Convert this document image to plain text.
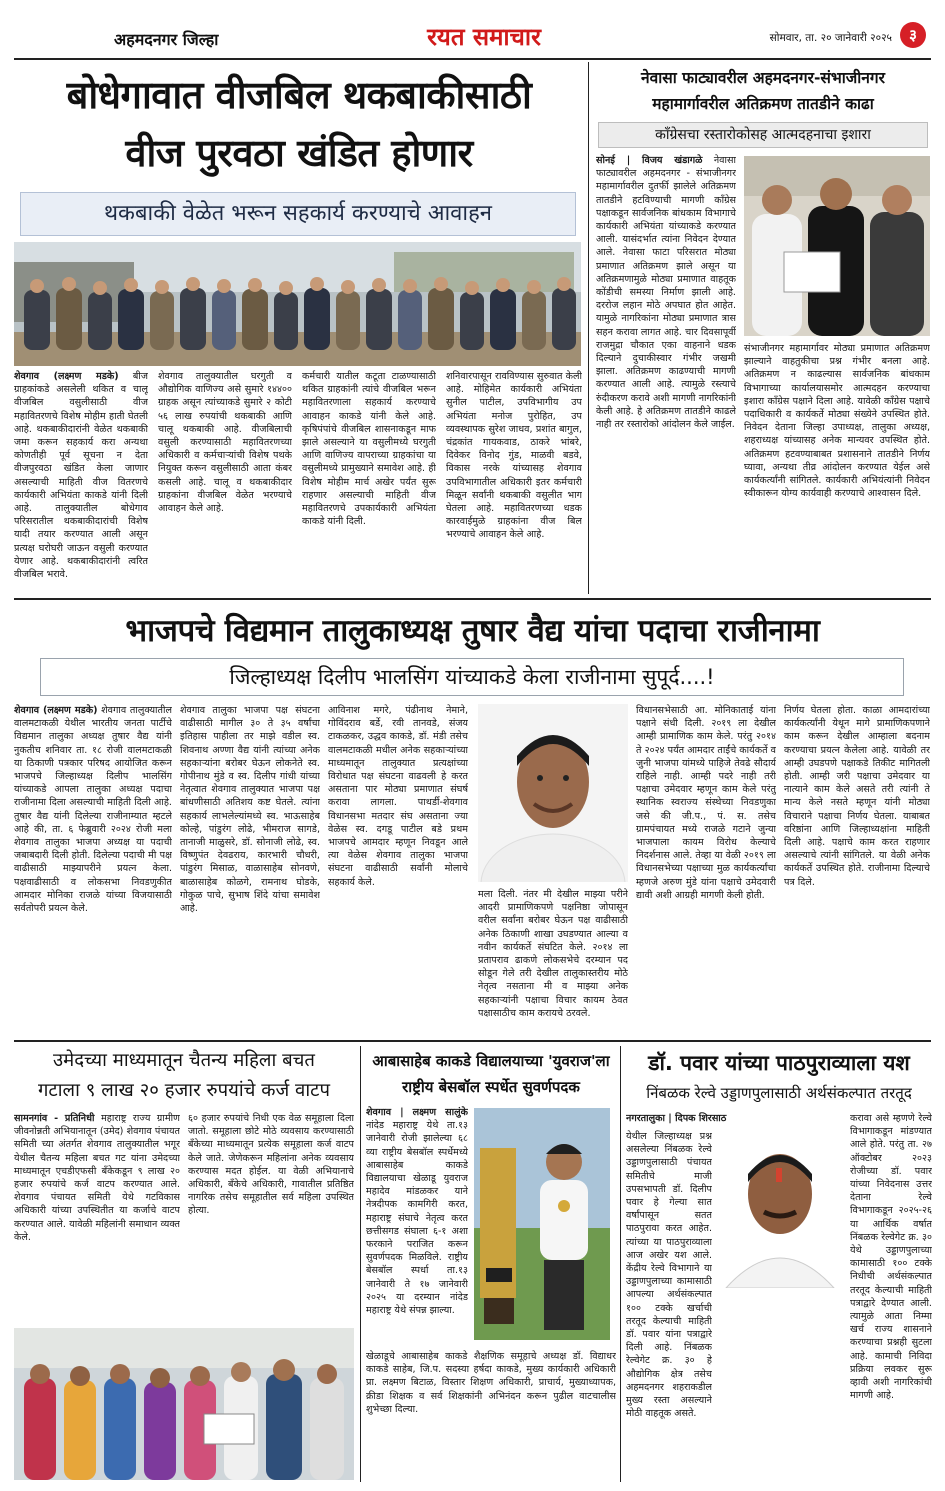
अहमदनगर जिल्हा	रयत समाचार	सोमवार, ता. २० जानेवारी २०२५	३
बोधेगावात वीजबिल थकबाकीसाठी
वीज पुरवठा खंडित होणार
थकबाकी वेळेत भरून सहकार्य करण्याचे आवाहन
शेवगाव (लक्ष्मण मडके) बीज ग्राहकांकडे असलेली थकित व चालू वीजबिल वसुलीसाठी वीज महावितरणचे विशेष मोहीम हाती घेतली आहे. थकबाकीदारांनी वेळेत थकबाकी जमा करून सहकार्य करा अन्यथा कोणतीही पूर्व सूचना न देता वीजपुरवठा खंडित केला जाणार असल्याची माहिती वीज वितरणचे कार्यकारी अभियंता काकडे यांनी दिली आहे. तालुक्यातील बोधेगाव परिसरातील थकबाकीदारांची विशेष यादी तयार करण्यात आली असून प्रत्यक्ष घरोघरी जाऊन वसुली करण्यात येणार आहे. थकबाकीदारांनी त्वरित वीजबिल भरावे.
शेवगाव तालुक्यातील घरगुती व औद्योगिक वाणिज्य असे सुमारे १४४०० ग्राहक असून त्यांच्याकडे सुमारे २ कोटी ५६ लाख रुपयांची थकबाकी आणि चालू थकबाकी आहे. वीजबिलाची वसुली करण्यासाठी महावितरणच्या अधिकारी व कर्मचाऱ्यांची विशेष पथके नियुक्त करून वसुलीसाठी आता कंबर कसली आहे. चालू व थकबाकीदार ग्राहकांना वीजबिल वेळेत भरण्याचे आवाहन केले आहे.
कर्मचारी यातील कटूता टाळण्यासाठी थकित ग्राहकांनी त्यांचे वीजबिल भरून महावितरणाला सहकार्य करण्याचे आवाहन काकडे यांनी केले आहे. कृषिपंपांचे वीजबिल शासनाकडून माफ झाले असल्याने या वसुलीमध्ये घरगुती आणि वाणिज्य वापराच्या ग्राहकांचा या वसुलीमध्ये प्रामुख्याने समावेश आहे. ही विशेष मोहीम मार्च अखेर पर्यंत सुरू राहणार असल्याची माहिती वीज महावितरणचे उपकार्यकारी अभियंता काकडे यांनी दिली.
शनिवारपासून रावविण्यास सुरुवात केली आहे. मोहिमेत कार्यकारी अभियंता सुनील पाटील, उपविभागीय उप अभियंता मनोज पुरोहित, उप व्यवस्थापक सुरेश जाधव, प्रशांत बागुल, चंद्रकांत गायकवाड, ठाकरे भांबरे, दिवेकर विनोद गुंड, माळवी बडवे, विकास नरके यांच्यासह शेवगाव उपविभागातील अधिकारी इतर कर्मचारी मिळून सर्वांनी थकबाकी वसुलीत भाग घेतला आहे. महावितरणच्या धडक कारवाईमुळे ग्राहकांना वीज बिल भरण्याचे आवाहन केले आहे.
नेवासा फाट्यावरील अहमदनगर-संभाजीनगर
महामार्गावरील अतिक्रमण तातडीने काढा
कॉंग्रेसचा रस्तारोकोसह आत्मदहनाचा इशारा
सोनई | विजय खंडागळे नेवासा फाट्यावरील अहमदनगर - संभाजीनगर महामार्गावरील दुतर्फी झालेले अतिक्रमण तातडीने हटविण्याची मागणी काँग्रेस पक्षाकडून सार्वजनिक बांधकाम विभागाचे कार्यकारी अभियंता यांच्याकडे करण्यात आली. यासंदर्भात त्यांना निवेदन देण्यात आले. नेवासा फाटा परिसरात मोठ्या प्रमाणात अतिक्रमण झाले असून या अतिक्रमणामुळे मोठ्या प्रमाणात वाहतूक कोंडीची समस्या निर्माण झाली आहे. दररोज लहान मोठे अपघात होत आहेत. यामुळे नागरिकांना मोठ्या प्रमाणात त्रास सहन करावा लागत आहे. चार दिवसापूर्वी राजमुद्रा चौकात एका वाहनाने धडक दिल्याने दुचाकीस्वार गंभीर जखमी झाला. अतिक्रमण काढण्याची मागणी करण्यात आली आहे. त्यामुळे रस्त्याचे रुंदीकरण करावे अशी मागणी नागरिकांनी केली आहे. हे अतिक्रमण तातडीने काढले नाही तर रस्तारोको आंदोलन केले जाईल.
संभाजीनगर महामार्गावर मोठ्या प्रमाणात अतिक्रमण झाल्याने वाहतुकीचा प्रश्न गंभीर बनला आहे. अतिक्रमण न काढल्यास सार्वजनिक बांधकाम विभागाच्या कार्यालयासमोर आत्मदहन करण्याचा इशारा कॉंग्रेस पक्षाने दिला आहे. यावेळी कॉंग्रेस पक्षाचे पदाधिकारी व कार्यकर्ते मोठ्या संख्येने उपस्थित होते. निवेदन देताना जिल्हा उपाध्यक्ष, तालुका अध्यक्ष, शहराध्यक्ष यांच्यासह अनेक मान्यवर उपस्थित होते. अतिक्रमण हटवण्याबाबत प्रशासनाने तातडीने निर्णय घ्यावा, अन्यथा तीव्र आंदोलन करण्यात येईल असे कार्यकर्त्यांनी सांगितले. कार्यकारी अभियंत्यांनी निवेदन स्वीकारून योग्य कार्यवाही करण्याचे आश्वासन दिले.
भाजपचे विद्यमान तालुकाध्यक्ष तुषार वैद्य यांचा पदाचा राजीनामा
जिल्हाध्यक्ष दिलीप भालसिंग यांच्याकडे केला राजीनामा सुपूर्द....!
शेवगाव (लक्ष्मण मडके) शेवगाव तालुक्यातील वालमटाकळी येथील भारतीय जनता पार्टीचे विद्यमान तालुका अध्यक्ष तुषार वैद्य यांनी नुकतीच शनिवार ता. १८ रोजी वालमटाकळी या ठिकाणी पत्रकार परिषद आयोजित करून भाजपचे जिल्हाध्यक्ष दिलीप भालसिंग यांच्याकडे आपला तालुका अध्यक्ष पदाचा राजीनामा दिला असल्याची माहिती दिली आहे. तुषार वैद्य यांनी दिलेल्या राजीनाम्यात म्हटले आहे की, ता. ६ फेब्रुवारी २०२४ रोजी मला शेवगाव तालुका भाजपा अध्यक्ष या पदाची जबाबदारी दिली होती. दिलेल्या पदाची मी पक्ष वाढीसाठी माझ्यापरीने प्रयत्न केला. पक्षवाढीसाठी व लोकसभा निवडणुकीत आमदार मोनिका राजळे यांच्या विजयासाठी सर्वतोपरी प्रयत्न केले.
शेवगाव तालुका भाजपा पक्ष संघटना वाढीसाठी मागील ३० ते ३५ वर्षांचा इतिहास पाहीला तर माझे वडील स्व. शिवनाथ अण्णा वैद्य यांनी त्यांच्या अनेक सहकाऱ्यांना बरोबर घेऊन लोकनेते स्व. गोपीनाथ मुंडे व स्व. दिलीप गांधी यांच्या नेतृत्वात शेवगाव तालुक्यात भाजपा पक्ष बांधणीसाठी अतिशय कष्ट घेतले. त्यांना सहकार्य लाभलेल्यांमध्ये स्व. भाऊसाहेब कोल्हे, पांडुरंग लोढे, भीमराज सागडे, तानाजी माळुसरे, डॉ. सोनाजी लोढे, स्व. विष्णुपंत देवढराय, कारभारी चौधरी, पांडुरंग मिसाळ, वाळासाहेब सोनवणे, बाळासाहेब कोळगे, रामनाथ घोडके, गोकुळ पाचे, सुभाष शिंदे यांचा समावेश आहे.
आविनाश मगरे, पंढीनाथ नेमाने, गोविंदराव बर्डे, रवी तानवडे, संजय टाकळकर, उद्धव काकडे, डॉ. मंडी तसेच वालमटाकळी मधील अनेक सहकाऱ्यांच्या माध्यमातून तालुक्यात प्रत्यक्षांच्या विरोधात पक्ष संघटना वाढवली हे करत असताना पार मोठ्या प्रमाणात संघर्ष करावा लागला. पाथर्डी-शेवगाव विधानसभा मतदार संघ असताना ज्या वेळेस स्व. दगडू पाटील बडे प्रथम भाजपचे आमदार म्हणून निवडून आले त्या वेळेस शेवगाव तालुका भाजपा संघटना वाढीसाठी सर्वांनी मोलाचे सहकार्य केले.
मला दिली. नंतर मी देखील माझ्या परीने आदरी प्रामाणिकपणे पक्षनिष्ठा जोपासून वरील सर्वांना बरोबर घेऊन पक्ष वाढीसाठी अनेक ठिकाणी शाखा उघडण्यात आल्या व नवीन कार्यकर्ते संघटित केले. २०१४ ला प्रतापराव ढाकणे लोकसभेचे दरम्यान पद सोडून गेले तरी देखील तालुकास्तरीय मोठे नेतृत्व नसताना मी व माझ्या अनेक सहकाऱ्यांनी पक्षाचा विचार कायम ठेवत पक्षासाठीच काम करायचे ठरवले.
विधानसभेसाठी आ. मोनिकाताई यांना पक्षाने संधी दिली. २०१९ ला देखील आम्ही प्रामाणिक काम केले. परंतु २०१४ ते २०२४ पर्यंत आमदार ताईंचे कार्यकर्ते व जुनी भाजपा यांमध्ये पाहिजे तेवढे सौदार्य राहिले नाही. आम्ही पदरे नाही तरी पक्षाचा उमेदवार म्हणून काम केले परंतु स्थानिक स्वराज्य संस्थेच्या निवडणुका जसे की जी.प., पं. स. तसेच ग्रामपंचायत मध्ये राजळे गटाने जुन्या भाजपाला कायम विरोध केल्याचे निदर्शनास आले. तेव्हा या वेळी २०१९ ला विधानसभेच्या पक्षाच्या मुळ कार्यकर्त्यांचा म्हणजे अरुण मुंडे यांना पक्षाचे उमेदवारी द्यावी अशी आग्रही मागणी केली होती.
निर्णय घेतला होता. काळा आमदारांच्या कार्यकर्त्यांनी येथून मागे प्रामाणिकपणाने काम करून देखील आम्हाला बदनाम करण्याचा प्रयत्न केलेला आहे. यावेळी तर आम्ही उघडपणे पक्षाकडे तिकीट मागितली होती. आम्ही जरी पक्षाचा उमेदवार या नात्याने काम केले असते तरी त्यांनी ते मान्य केले नसते म्हणून यांनी मोठ्या विचाराने पक्षाचा निर्णय घेतला. याबाबत वरिष्ठांना आणि जिल्हाध्यक्षांना माहिती दिली आहे. पक्षाचे काम करत राहणार असल्याचे त्यांनी सांगितले. या वेळी अनेक कार्यकर्ते उपस्थित होते. राजीनामा दिल्याचे पत्र दिले.
उमेदच्या माध्यमातून चैतन्य महिला बचत
गटाला ९ लाख २० हजार रुपयांचे कर्ज वाटप
सामनगांव - प्रतिनिधी महाराष्ट्र राज्य ग्रामीण जीवनोन्नती अभियानातून (उमेद) शेवगाव पंचायत समिती च्या अंतर्गत शेवगाव तालुक्यातील भगूर येथील चैतन्य महिला बचत गट यांना उमेदच्या माध्यमातून एचडीएफसी बँकेकडून ९ लाख २० हजार रुपयांचे कर्ज वाटप करण्यात आले. शेवगाव पंचायत समिती येथे गटविकास अधिकारी यांच्या उपस्थितीत या कर्जाचे वाटप करण्यात आले. यावेळी महिलांनी समाधान व्यक्त केले.
६० हजार रुपयांचे निधी एक वेळ समूहाला दिला जातो. समूहाला छोटे मोठे व्यवसाय करण्यासाठी बँकेच्या माध्यमातून प्रत्येक समूहाला कर्ज वाटप केले जाते. जेणेकरून महिलांना अनेक व्यवसाय करण्यास मदत होईल. या वेळी अभियानाचे अधिकारी, बँकेचे अधिकारी, गावातील प्रतिष्ठित नागरिक तसेच समूहातील सर्व महिला उपस्थित होत्या.
आबासाहेब काकडे विद्यालयाच्या 'युवराज'ला
राष्ट्रीय बेसबॉल स्पर्धेत सुवर्णपदक
शेवगाव | लक्ष्मण सालुंके नांदेड महाराष्ट्र येथे ता.१३ जानेवारी रोजी झालेल्या ६८ व्या राष्ट्रीय बेसबॉल स्पर्धेमध्ये आबासाहेब काकडे विद्यालयाचा खेळाडू युवराज महादेव मांडळकर याने नेत्रदीपक कामगिरी करत, महाराष्ट्र संघाचे नेतृत्व करत छत्तीसगड संघाला ६-१ अशा फरकाने पराजित करून सुवर्णपदक मिळविले. राष्ट्रीय बेसबॉल स्पर्धा ता.१३ जानेवारी ते १७ जानेवारी २०२५ या दरम्यान नांदेड महाराष्ट्र येथे संपन्न झाल्या.
खेळाडूचे आबासाहेब काकडे शैक्षणिक समूहाचे अध्यक्ष डॉ. विद्याधर काकडे साहेब, जि.प. सदस्या हर्षदा काकडे, मुख्य कार्यकारी अधिकारी प्रा. लक्ष्मण बिटाळ, विस्तार शिक्षण अधिकारी, प्राचार्य, मुख्याध्यापक, क्रीडा शिक्षक व सर्व शिक्षकांनी अभिनंदन करून पुढील वाटचालीस शुभेच्छा दिल्या.
डॉ. पवार यांच्या पाठपुराव्याला यश
निंबळक रेल्वे उड्डाणपुलासाठी अर्थसंकल्पात तरतूद
नगरतालुका | दिपक शिरसाठ
येथील जिल्हाध्यक्ष प्रश्न असलेल्या निंबळक रेल्वे उड्डाणपुलासाठी पंचायत समितीचे माजी उपसभापती डॉ. दिलीप पवार हे गेल्या सात वर्षांपासून सतत पाठपुरावा करत आहेत. त्यांच्या या पाठपुराव्याला आज अखेर यश आले. केंद्रीय रेल्वे विभागाने या उड्डाणपुलाच्या कामासाठी आपल्या अर्थसंकल्पात १०० टक्के खर्चाची तरतूद केल्याची माहिती डॉ. पवार यांना पत्राद्वारे दिली आहे. निंबळक रेल्वेगेट क्र. ३० हे औद्योगिक क्षेत्र तसेच अहमदनगर शहराकडील मुख्य रस्ता असल्याने मोठी वाहतूक असते.
करावा असे म्हणणे रेल्वे विभागाकडून मांडण्यात आले होते. परंतु ता. २७ ऑक्टोबर २०२३ रोजीच्या डॉ. पवार यांच्या निवेदनास उत्तर देताना रेल्वे विभागाकडून २०२५-२६ या आर्थिक वर्षात निंबळक रेल्वेगेट क्र. ३० येथे उड्डाणपुलाच्या कामासाठी १०० टक्के निधीची अर्थसंकल्पात तरतूद केल्याची माहिती पत्राद्वारे देण्यात आली. त्यामुळे आता निम्मा खर्च राज्य शासनाने करण्याचा प्रश्नही सुटला आहे. कामाची निविदा प्रक्रिया लवकर सुरू व्हावी अशी नागरिकांची मागणी आहे.
